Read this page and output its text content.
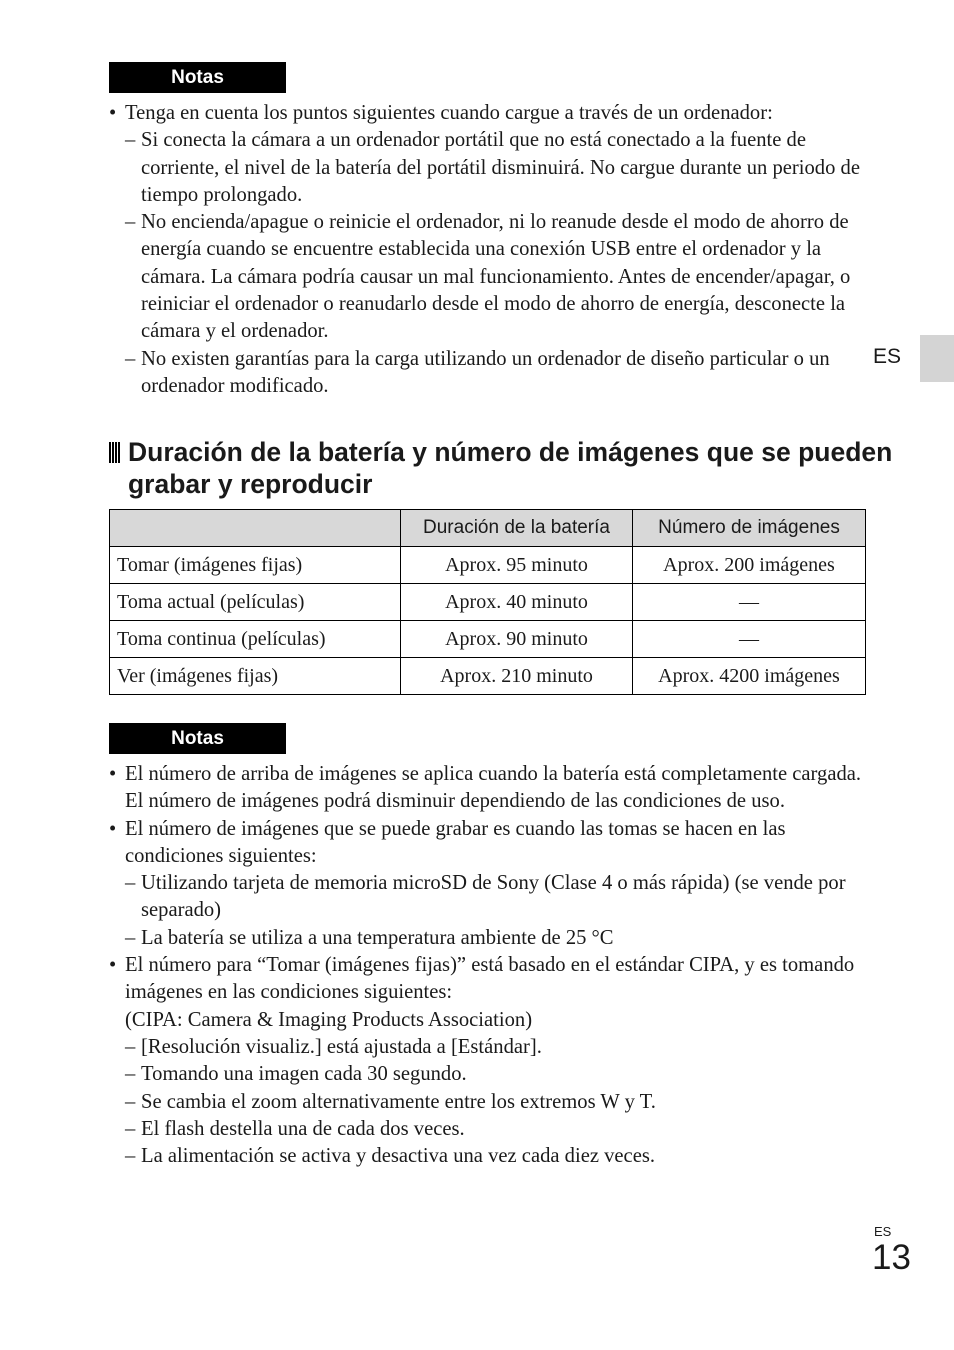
Notas
• Tenga en cuenta los puntos siguientes cuando cargue a través de un ordenador:
– Si conecta la cámara a un ordenador portátil que no está conectado a la fuente de corriente, el nivel de la batería del portátil disminuirá. No cargue durante un periodo de tiempo prolongado.
– No encienda/apague o reinicie el ordenador, ni lo reanude desde el modo de ahorro de energía cuando se encuentre establecida una conexión USB entre el ordenador y la cámara. La cámara podría causar un mal funcionamiento. Antes de encender/apagar, o reiniciar el ordenador o reanudarlo desde el modo de ahorro de energía, desconecte la cámara y el ordenador.
– No existen garantías para la carga utilizando un ordenador de diseño particular o un ordenador modificado.
ES
Duración de la batería y número de imágenes que se pueden grabar y reproducir
	Duración de la batería	Número de imágenes
Tomar (imágenes fijas)	Aprox. 95 minuto	Aprox. 200 imágenes
Toma actual (películas)	Aprox. 40 minuto	—
Toma continua (películas)	Aprox. 90 minuto	—
Ver (imágenes fijas)	Aprox. 210 minuto	Aprox. 4200 imágenes
Notas
• El número de arriba de imágenes se aplica cuando la batería está completamente cargada. El número de imágenes podrá disminuir dependiendo de las condiciones de uso.
• El número de imágenes que se puede grabar es cuando las tomas se hacen en las condiciones siguientes:
– Utilizando tarjeta de memoria microSD de Sony (Clase 4 o más rápida) (se vende por separado)
– La batería se utiliza a una temperatura ambiente de 25 °C
• El número para “Tomar (imágenes fijas)” está basado en el estándar CIPA, y es tomando imágenes en las condiciones siguientes:
(CIPA: Camera & Imaging Products Association)
– [Resolución visualiz.] está ajustada a [Estándar].
– Tomando una imagen cada 30 segundo.
– Se cambia el zoom alternativamente entre los extremos W y T.
– El flash destella una de cada dos veces.
– La alimentación se activa y desactiva una vez cada diez veces.
ES
13
